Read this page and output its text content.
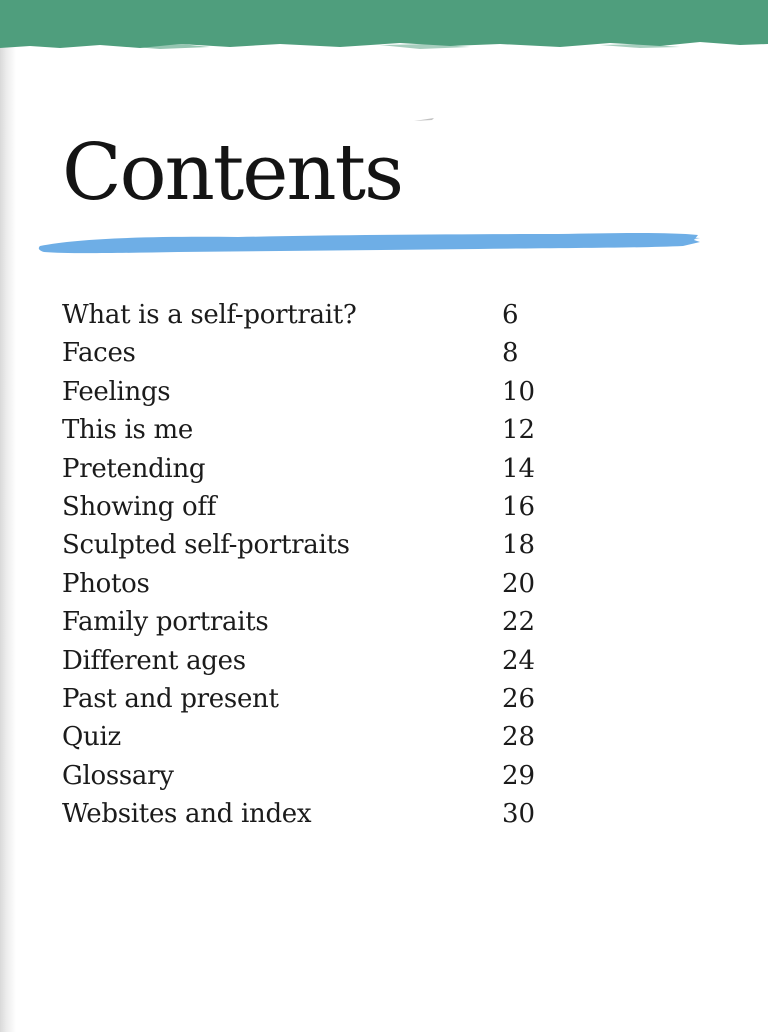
Contents
What is a self-portrait?	6
Faces	8
Feelings	10
This is me	12
Pretending	14
Showing off	16
Sculpted self-portraits	18
Photos	20
Family portraits	22
Different ages	24
Past and present	26
Quiz	28
Glossary	29
Websites and index	30
